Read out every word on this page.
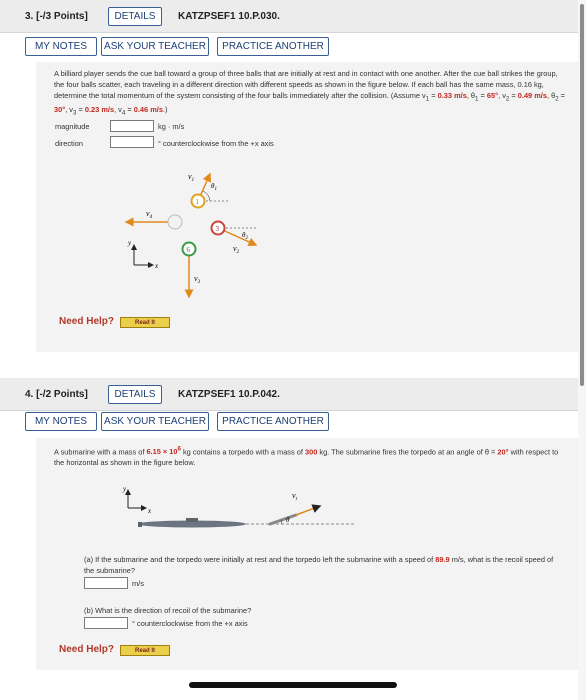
3. [-/3 Points]	DETAILS	KATZPSEF1 10.P.030.
MY NOTES	ASK YOUR TEACHER	PRACTICE ANOTHER
A billiard player sends the cue ball toward a group of three balls that are initially at rest and in contact with one another. After the cue ball strikes the group, the four balls scatter, each traveling in a different direction with different speeds as shown in the figure below. If each ball has the same mass, 0.16 kg, determine the total momentum of the system consisting of the four balls immediately after the collision. (Assume $v_1 = 0.33$ m/s, $\theta_1 = 65^\circ$, $v_2 = 0.49$ m/s, $\theta_2 = 30^\circ$, $v_3 = 0.23$ m/s, $v_4 = 0.46$ m/s.)
magnitude	kg · m/s
direction	° counterclockwise from the +x axis
1
$v_1$
$\theta_1$
$v_4$
3
$\theta_2$
$v_2$
6
$v_3$
y
x
Need Help?	Read It
4. [-/2 Points]	DETAILS	KATZPSEF1 10.P.042.
MY NOTES	ASK YOUR TEACHER	PRACTICE ANOTHER
A submarine with a mass of $6.15 \times 10^6$ kg contains a torpedo with a mass of 300 kg. The submarine fires the torpedo at an angle of θ = 20° with respect to the horizontal as shown in the figure below.
y
x
θ
$v_t$
(a) If the submarine and the torpedo were initially at rest and the torpedo left the submarine with a speed of 89.9 m/s, what is the recoil speed of the submarine?
m/s
(b) What is the direction of recoil of the submarine?
° counterclockwise from the +x axis
Need Help?	Read It
